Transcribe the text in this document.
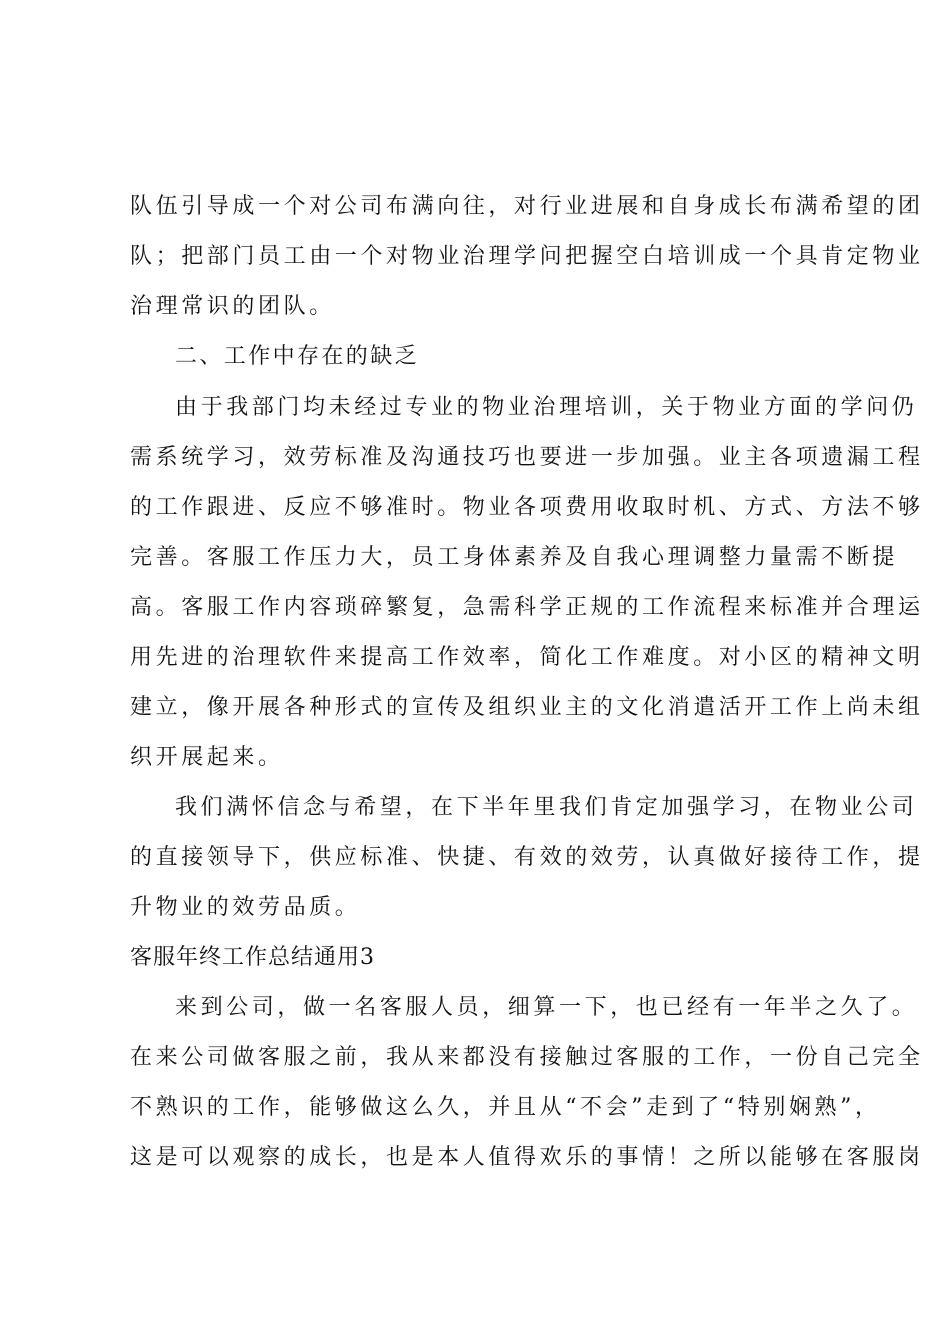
队伍引导成一个对公司布满向往，对行业进展和自身成长布满希望的团
队；把部门员工由一个对物业治理学问把握空白培训成一个具肯定物业
治理常识的团队。
二、工作中存在的缺乏
由于我部门均未经过专业的物业治理培训，关于物业方面的学问仍
需系统学习，效劳标准及沟通技巧也要进一步加强。业主各项遗漏工程
的工作跟进、反应不够准时。物业各项费用收取时机、方式、方法不够
完善。客服工作压力大，员工身体素养及自我心理调整力量需不断提
高。客服工作内容琐碎繁复，急需科学正规的工作流程来标准并合理运
用先进的治理软件来提高工作效率，简化工作难度。对小区的精神文明
建立，像开展各种形式的宣传及组织业主的文化消遣活开工作上尚未组
织开展起来。
我们满怀信念与希望，在下半年里我们肯定加强学习，在物业公司
的直接领导下，供应标准、快捷、有效的效劳，认真做好接待工作，提
升物业的效劳品质。
客服年终工作总结通用3
来到公司，做一名客服人员，细算一下，也已经有一年半之久了。
在来公司做客服之前，我从来都没有接触过客服的工作，一份自己完全
不熟识的工作，能够做这么久，并且从“不会”走到了“特别娴熟”，
这是可以观察的成长，也是本人值得欢乐的事情！之所以能够在客服岗
